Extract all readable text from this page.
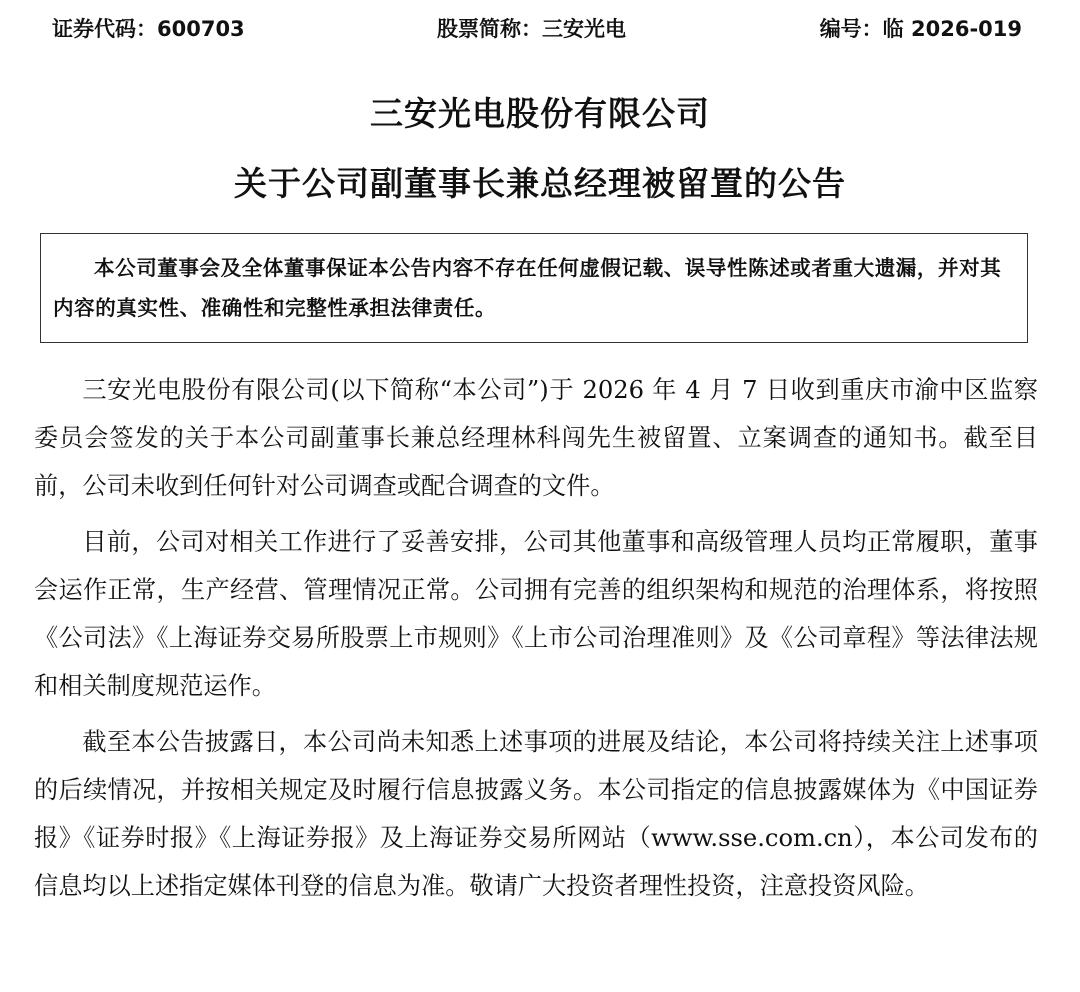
证券代码：600703	股票简称：三安光电	编号：临 2026-019
三安光电股份有限公司
关于公司副董事长兼总经理被留置的公告
本公司董事会及全体董事保证本公告内容不存在任何虚假记载、误导性陈述或者重大遗漏，并对其内容的真实性、准确性和完整性承担法律责任。

三安光电股份有限公司(以下简称“本公司”)于 2026 年 4 月 7 日收到重庆市渝中区监察委员会签发的关于本公司副董事长兼总经理林科闯先生被留置、立案调查的通知书。截至目前，公司未收到任何针对公司调查或配合调查的文件。

目前，公司对相关工作进行了妥善安排，公司其他董事和高级管理人员均正常履职，董事会运作正常，生产经营、管理情况正常。公司拥有完善的组织架构和规范的治理体系，将按照《公司法》《上海证券交易所股票上市规则》《上市公司治理准则》及《公司章程》等法律法规和相关制度规范运作。

截至本公告披露日，本公司尚未知悉上述事项的进展及结论，本公司将持续关注上述事项的后续情况，并按相关规定及时履行信息披露义务。本公司指定的信息披露媒体为《中国证券报》《证券时报》《上海证券报》及上海证券交易所网站（www.sse.com.cn），本公司发布的信息均以上述指定媒体刊登的信息为准。敬请广大投资者理性投资，注意投资风险。
